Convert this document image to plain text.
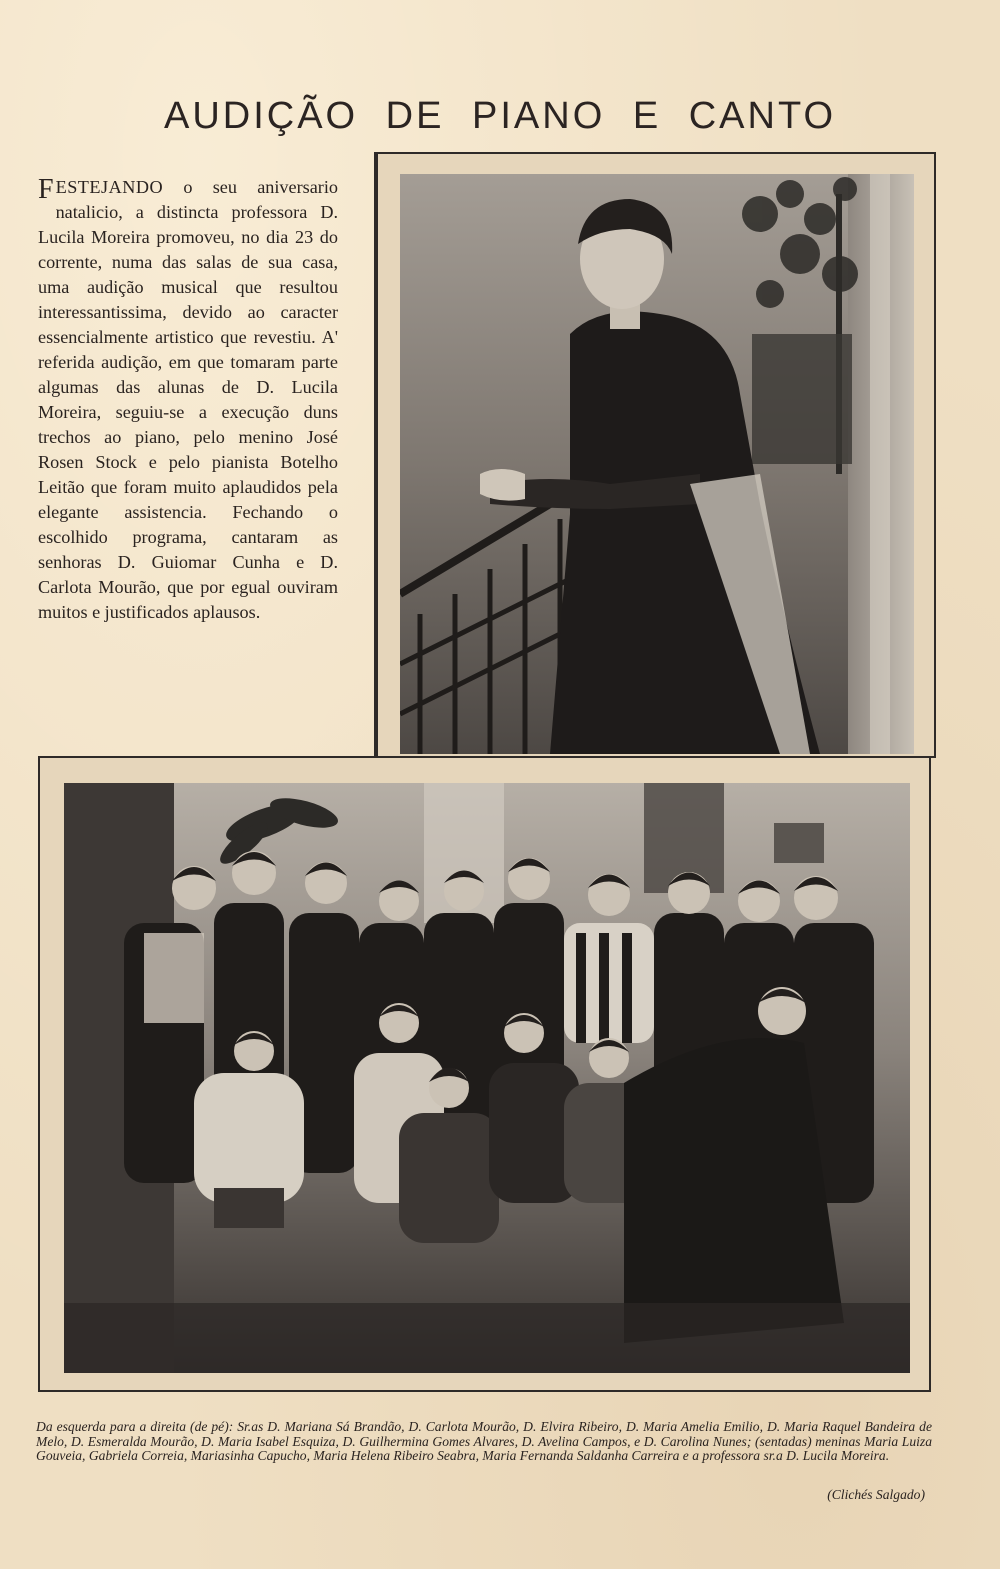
AUDIÇÃO DE PIANO E CANTO
FESTEJANDO o seu aniversario natalicio, a distincta professora D. Lucila Moreira promoveu, no dia 23 do corrente, numa das salas de sua casa, uma audição musical que resultou interessantissima, devido ao caracter essencialmente artistico que revestiu. A' referida audição, em que tomaram parte algumas das alunas de D. Lucila Moreira, seguiu-se a execução duns trechos ao piano, pelo menino José Rosen Stock e pelo pianista Botelho Leitão que foram muito aplaudidos pela elegante assistencia. Fechando o escolhido programa, cantaram as senhoras D. Guiomar Cunha e D. Carlota Mourão, que por egual ouviram muitos e justificados aplausos.
Da esquerda para a direita (de pé): Sr.as D. Mariana Sá Brandão, D. Carlota Mourão, D. Elvira Ribeiro, D. Maria Amelia Emilio, D. Maria Raquel Bandeira de Melo, D. Esmeralda Mourão, D. Maria Isabel Esquiza, D. Guilhermina Gomes Alvares, D. Avelina Campos, e D. Carolina Nunes; (sentadas) meninas Maria Luiza Gouveia, Gabriela Correia, Mariasinha Capucho, Maria Helena Ribeiro Seabra, Maria Fernanda Saldanha Carreira e a professora sr.a D. Lucila Moreira.
(Clichés Salgado)
